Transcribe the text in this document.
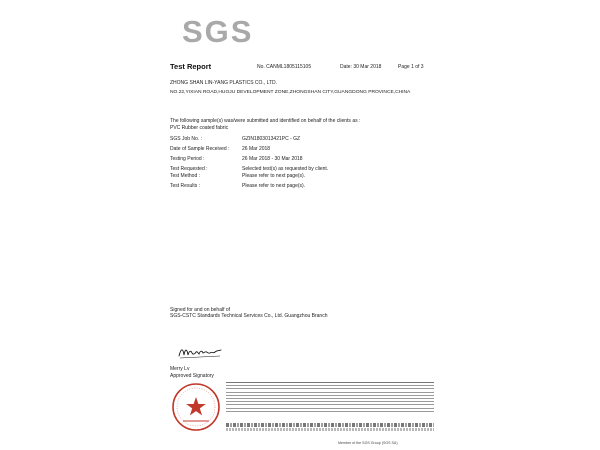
SGS
Test Report	No. CANML1805115105	Date: 30 Mar 2018	Page 1 of 3
ZHONG SHAN LIN-YANG PLASTICS CO., LTD.
NO.22,YIXIAN ROAD,HUOJU DEVELOPMENT ZONE,ZHONGSHAN CITY,GUANGDONG PROVINCE,CHINA
The following sample(s) was/were submitted and identified on behalf of the clients as :
PVC Rubber coated fabric
SGS Job No. :	GZIN1803013421PC - GZ
Date of Sample Received :	26 Mar 2018
Testing Period :	26 Mar 2018 - 30 Mar 2018
Test Requested :	Selected test(s) as requested by client.
Test Method :	Please refer to next page(s).
Test Results :	Please refer to next page(s).
Signed for and on behalf of
SGS-CSTC Standards Technical Services Co., Ltd. Guangzhou Branch
Merry Lv
Approved Signatory
Member of the SGS Group (SGS SA)
